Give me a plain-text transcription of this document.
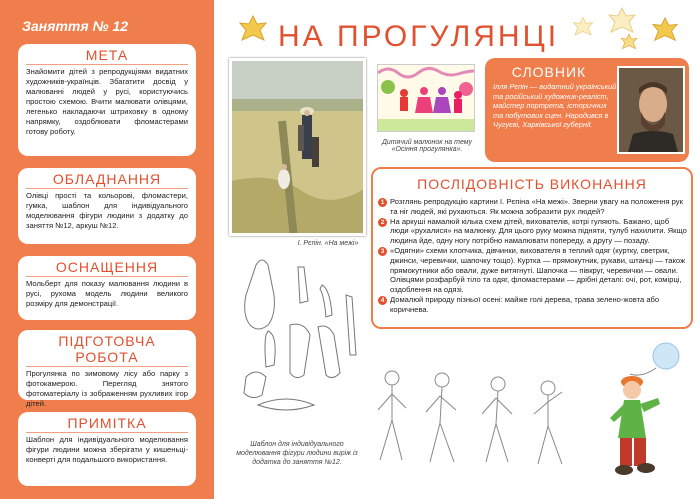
Заняття № 12
МЕТА

Знайомити дітей з репродукціями видатних художників-українців. Збагатити досвід у малюванні людей у русі, користуючись простою схемою. Вчити малювати олівцями, легенько накладаючи штриховку в одному напрямку, оздоблювати фломастерами готову роботу.

ОБЛАДНАННЯ

Олівці прості та кольорові, фломастери, гумка, шаблон для індивідуального моделювання фігури людини з додатку до заняття №12, аркуш №12.

ОСНАЩЕННЯ

Мольберт для показу малювання людини в русі, рухома модель людини великого розміру для демонстрації.

ПІДГОТОВЧА РОБОТА

Прогулянка по зимовому лісу або парку з фотокамерою. Перегляд знятого фотоматеріалу із зображенням рухливих ігор дітей.

ПРИМІТКА

Шаблон для індивідуального моделювання фігури людини можна зберігати у кишеньці-конверті для подальшого використання.

НА ПРОГУЛЯНЦІ
І. Рєпін. «На межі»
Дитячий малюнок на тему «Осіння прогулянка».
СЛОВНИК

Ілля Рєпін — видатний український та російський художник-реаліст, майстер портрета, історичних та побутових сцен. Народився в Чугуєві, Харківської губернії.

ПОСЛІДОВНІСТЬ ВИКОНАННЯ
1 Розглянь репродукцію картини І. Рєпіна «На межі». Зверни увагу на положення рук та ніг людей, які рухаються. Як можна зобразити рух людей?
2 На аркуші намалюй кілька схем дітей, вихователів, котрі гуляють. Бажано, щоб люди «рухалися» на малюнку. Для цього руку можна підняти, тулуб нахилити. Якщо людина йде, одну ногу потрібно намалювати попереду, а другу — позаду.
3 «Одягни» схеми хлопчика, дівчинки, вихователя в теплий одяг (куртку, светрик, джинси, черевички, шапочку тощо). Куртка — прямокутник, рукави, штанці — також прямокутники або овали, дуже витягнуті. Шапочка — півкруг, черевички — овали. Олівцями розфарбуй тіло та одяг, фломастерами — дрібні деталі: очі, рот, комірці, оздоблення на одязі.
4 Домалюй природу пізньої осені: майже голі дерева, трава зелено-жовта або коричнева.
Шаблон для індивідуального моделювання фігури людини виріж із додатка до заняття №12.
